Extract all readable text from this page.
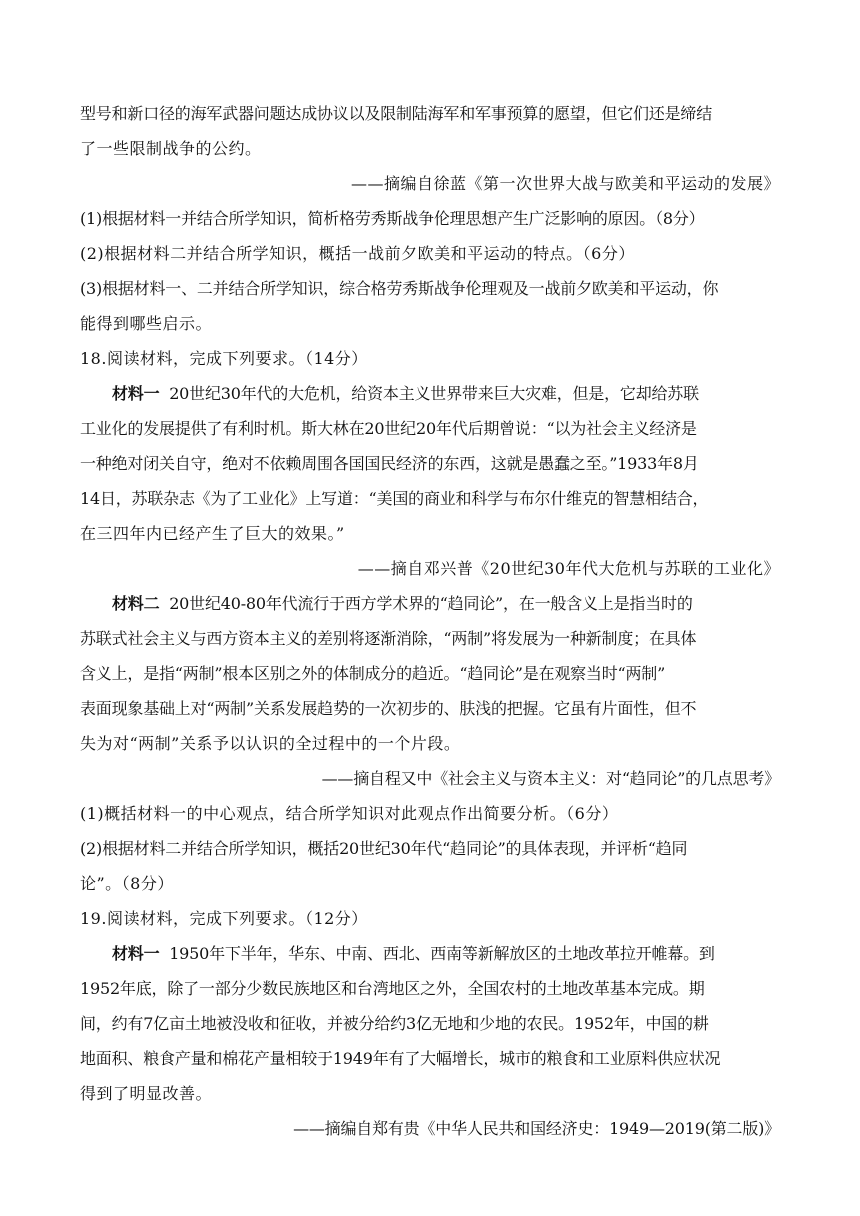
型号和新口径的海军武器问题达成协议以及限制陆海军和军事预算的愿望，但它们还是缔结
了一些限制战争的公约。
——摘编自徐蓝《第一次世界大战与欧美和平运动的发展》
(1)根据材料一并结合所学知识，简析格劳秀斯战争伦理思想产生广泛影响的原因。（8分）
(2)根据材料二并结合所学知识，概括一战前夕欧美和平运动的特点。（6分）
(3)根据材料一、二并结合所学知识，综合格劳秀斯战争伦理观及一战前夕欧美和平运动，你
能得到哪些启示。
18.阅读材料，完成下列要求。（14分）
材料一 20世纪30年代的大危机，给资本主义世界带来巨大灾难，但是，它却给苏联
工业化的发展提供了有利时机。斯大林在20世纪20年代后期曾说：“以为社会主义经济是
一种绝对闭关自守，绝对不依赖周围各国国民经济的东西，这就是愚蠢之至。”1933年8月
14日，苏联杂志《为了工业化》上写道：“美国的商业和科学与布尔什维克的智慧相结合，
在三四年内已经产生了巨大的效果。”
——摘自邓兴普《20世纪30年代大危机与苏联的工业化》
材料二 20世纪40-80年代流行于西方学术界的“趋同论”，在一般含义上是指当时的
苏联式社会主义与西方资本主义的差别将逐渐消除，“两制”将发展为一种新制度；在具体
含义上，是指“两制”根本区别之外的体制成分的趋近。“趋同论”是在观察当时“两制”
表面现象基础上对“两制”关系发展趋势的一次初步的、肤浅的把握。它虽有片面性，但不
失为对“两制”关系予以认识的全过程中的一个片段。
——摘自程又中《社会主义与资本主义：对“趋同论”的几点思考》
(1)概括材料一的中心观点，结合所学知识对此观点作出简要分析。（6分）
(2)根据材料二并结合所学知识，概括20世纪30年代“趋同论”的具体表现，并评析“趋同
论”。（8分）
19.阅读材料，完成下列要求。（12分）
材料一 1950年下半年，华东、中南、西北、西南等新解放区的土地改革拉开帷幕。到
1952年底，除了一部分少数民族地区和台湾地区之外，全国农村的土地改革基本完成。期
间，约有7亿亩土地被没收和征收，并被分给约3亿无地和少地的农民。1952年，中国的耕
地面积、粮食产量和棉花产量相较于1949年有了大幅增长，城市的粮食和工业原料供应状况
得到了明显改善。
——摘编自郑有贵《中华人民共和国经济史：1949—2019(第二版)》
